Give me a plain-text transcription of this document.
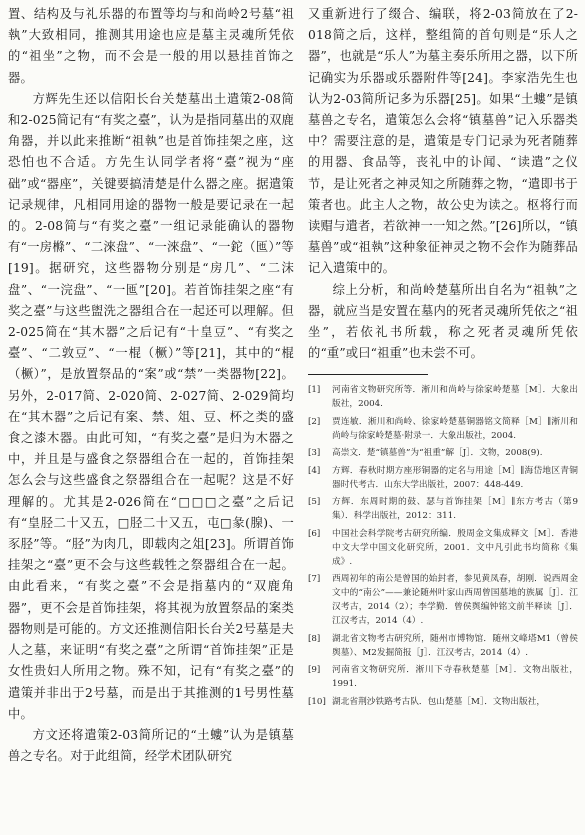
置、结构及与礼乐器的布置等均与和尚岭2号墓“祖執”大致相同，推测其用途也应是墓主灵魂所凭依的“祖坐”之物，而不会是一般的用以悬挂首饰之器。

方辉先生还以信阳长台关楚墓出土遣策2-08简和2-025简记有“有奖之臺”，认为是指同墓出的双鹿角器，并以此来推断“祖執”也是首饰挂架之座，这恐怕也不合适。方先生认同学者将“臺”视为“座础”或“器座”，关键要搞清楚是什么器之座。据遣策记录规律，凡相同用途的器物一般是要记录在一起的。2-08简与“有奖之臺”一组记录能确认的器物有“一房樤”、“二淶盘”、“一淶盘”、“一鉈（匜）”等[19]。据研究，这些器物分别是“房几”、“二沫盘”、“一浣盘”、“一匜”[20]。若首饰挂架之座“有奖之臺”与这些盥洗之器组合在一起还可以理解。但2-025简在“其木器”之后记有“十皇豆”、“有奖之臺”、“二敦豆”、“一棍（橛）”等[21]，其中的“棍（橛）”，是放置祭品的“案”或“禁”一类器物[22]。另外，2-017简、2-020简、2-027简、2-029简均在“其木器”之后记有案、禁、俎、豆、杯之类的盛食之漆木器。由此可知，“有奖之臺”是归为木器之中，并且是与盛食之祭器组合在一起的，首饰挂架怎么会与这些盛食之祭器组合在一起呢？这是不好理解的。尤其是2-026简在“□□□之臺”之后记有“皇胫二十又五，□胫二十又五，屯□彖(腺)、一豕胫”等。“胫”为肉几，即载肉之俎[23]。所谓首饰挂架之“臺”更不会与这些载牲之祭器组合在一起。由此看来，“有奖之臺”不会是指墓内的“双鹿角器”，更不会是首饰挂架，将其视为放置祭品的案类器物则是可能的。方文还推测信阳长台关2号墓是夫人之墓，来证明“有奖之臺”之所谓“首饰挂架”正是女性贵妇人所用之物。殊不知，记有“有奖之臺”的遣策并非出于2号墓，而是出于其推测的1号男性墓中。

方文还将遣策2-03简所记的“土螻”认为是镇墓兽之专名。对于此组简，经学术团队研究

又重新进行了缀合、编联，将2-03简放在了2-018简之后，这样，整组简的首句则是“乐人之器”，也就是“乐人”为墓主奏乐所用之器，以下所记确实为乐器或乐器附件等[24]。李家浩先生也认为2-03简所记多为乐器[25]。如果“土螻”是镇墓兽之专名，遣策怎么会将“镇墓兽”记入乐器类中？需要注意的是，遣策是专门记录为死者随葬的用器、食品等，丧礼中的讣闻、“读遣”之仪节，是让死者之神灵知之所随葬之物，“遣即书于策者也。此主人之物，故公史为读之。枢将行而读赗与遣者，若欲神一一知之然。”[26]所以，“镇墓兽”或“祖執”这种象征神灵之物不会作为随葬品记入遣策中的。

综上分析，和尚岭楚墓所出自名为“祖執”之器，就应当是安置在墓内的死者灵魂所凭依之“祖坐”，若依礼书所载，称之死者灵魂所凭依的“重”或曰“祖重”也未尝不可。

[1]	河南省文物研究所等．淅川和尚岭与徐家岭楚墓［M］．大象出版社，2004.
[2]	贾连敏．淅川和尚岭、徐家岭楚墓铜器铭文简释［M］∥淅川和尚岭与徐家岭楚墓·附录一．大象出版社，2004.
[3]	高崇文．楚“镇墓兽”为“祖重”解［J］．文物，2008(9).
[4]	方辉．春秋时期方座形铜器的定名与用途［M］∥海岱地区青铜器时代考古．山东大学出版社，2007：448-449.
[5]	方辉．东周时期的鼓、瑟与首饰挂架［M］∥东方考古（第9集）．科学出版社，2012：311.
[6]	中国社会科学院考古研究所编．殷周金文集成释文［M］．香港中文大学中国文化研究所，2001．文中凡引此书均简称《集成》.
[7]	西周初年的南公是曾国的始封者，参见黄凤春，胡刚．说西周金文中的“南公”——兼论随州叶家山西周曾国墓地的族属［J］．江汉考古，2014（2）；李学勤．曾侯舆编钟铭文前半释读［J］．江汉考古，2014（4）.
[8]	湖北省文物考古研究所，随州市博物馆．随州文峰塔M1（曾侯舆墓）、M2发掘简报［J］．江汉考古，2014（4）.
[9]	河南省文物研究所．淅川下寺春秋楚墓［M］．文物出版社，1991.
[10] 湖北省荆沙铁路考古队．包山楚墓［M］．文物出版社，
